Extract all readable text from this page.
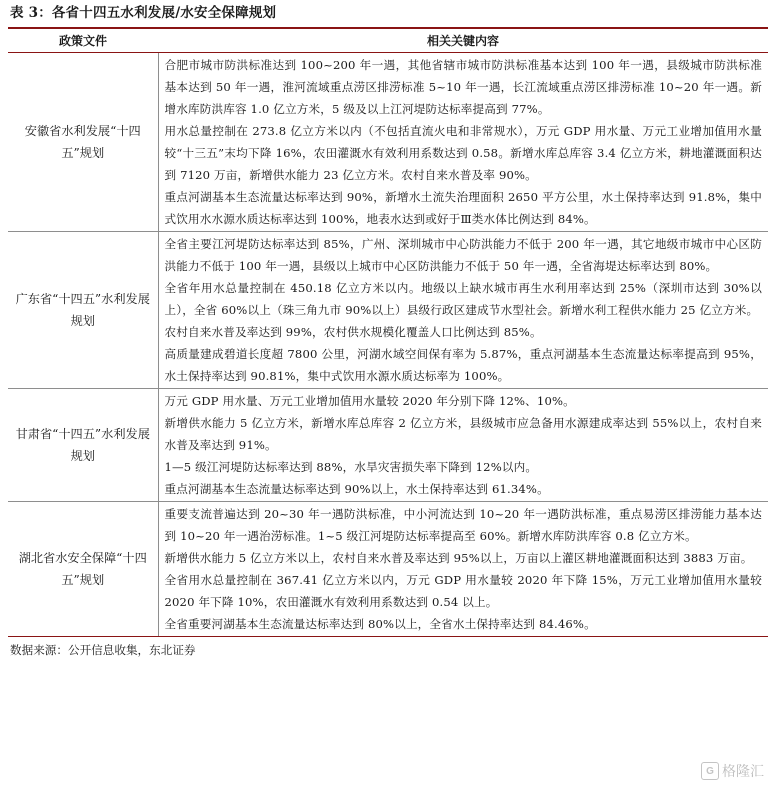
表 3：各省十四五水利发展/水安全保障规划
政策文件	相关关键内容
安徽省水利发展“十四五”规划	合肥市城市防洪标准达到 100~200 年一遇，其他省辖市城市防洪标准基本达到 100 年一遇，县级城市防洪标准基本达到 50 年一遇，淮河流域重点涝区排涝标准 5~10 年一遇，长江流域重点涝区排涝标准 10~20 年一遇。新增水库防洪库容 1.0 亿立方米，5 级及以上江河堤防达标率提高到 77%。
用水总量控制在 273.8 亿立方米以内（不包括直流火电和非常规水），万元 GDP 用水量、万元工业增加值用水量较“十三五”末均下降 16%，农田灌溉水有效利用系数达到 0.58。新增水库总库容 3.4 亿立方米，耕地灌溉面积达到 7120 万亩，新增供水能力 23 亿立方米。农村自来水普及率 90%。
重点河湖基本生态流量达标率达到 90%，新增水土流失治理面积 2650 平方公里，水土保持率达到 91.8%，集中式饮用水水源水质达标率达到 100%，地表水达到或好于Ⅲ类水体比例达到 84%。

广东省“十四五”水利发展规划	全省主要江河堤防达标率达到 85%，广州、深圳城市中心防洪能力不低于 200 年一遇，其它地级市城市中心区防洪能力不低于 100 年一遇，县级以上城市中心区防洪能力不低于 50 年一遇，全省海堤达标率达到 80%。
全省年用水总量控制在 450.18 亿立方米以内。地级以上缺水城市再生水利用率达到 25%（深圳市达到 30%以上），全省 60%以上（珠三角九市 90%以上）县级行政区建成节水型社会。新增水利工程供水能力 25 亿立方米。
农村自来水普及率达到 99%，农村供水规模化覆盖人口比例达到 85%。
高质量建成碧道长度超 7800 公里，河湖水域空间保有率为 5.87%，重点河湖基本生态流量达标率提高到 95%，水土保持率达到 90.81%，集中式饮用水源水质达标率为 100%。

甘肃省“十四五”水利发展规划	万元 GDP 用水量、万元工业增加值用水量较 2020 年分别下降 12%、10%。
新增供水能力 5 亿立方米，新增水库总库容 2 亿立方米，县级城市应急备用水源建成率达到 55%以上，农村自来水普及率达到 91%。
1—5 级江河堤防达标率达到 88%，水旱灾害损失率下降到 12%以内。
重点河湖基本生态流量达标率达到 90%以上，水土保持率达到 61.34%。

湖北省水安全保障“十四五”规划	重要支流普遍达到 20~30 年一遇防洪标准，中小河流达到 10~20 年一遇防洪标准，重点易涝区排涝能力基本达到 10~20 年一遇治涝标准。1~5 级江河堤防达标率提高至 60%。新增水库防洪库容 0.8 亿立方米。
新增供水能力 5 亿立方米以上，农村自来水普及率达到 95%以上，万亩以上灌区耕地灌溉面积达到 3883 万亩。
全省用水总量控制在 367.41 亿立方米以内，万元 GDP 用水量较 2020 年下降 15%，万元工业增加值用水量较 2020 年下降 10%，农田灌溉水有效利用系数达到 0.54 以上。
全省重要河湖基本生态流量达标率达到 80%以上，全省水土保持率达到 84.46%。
数据来源：公开信息收集，东北证券
G 格隆汇
